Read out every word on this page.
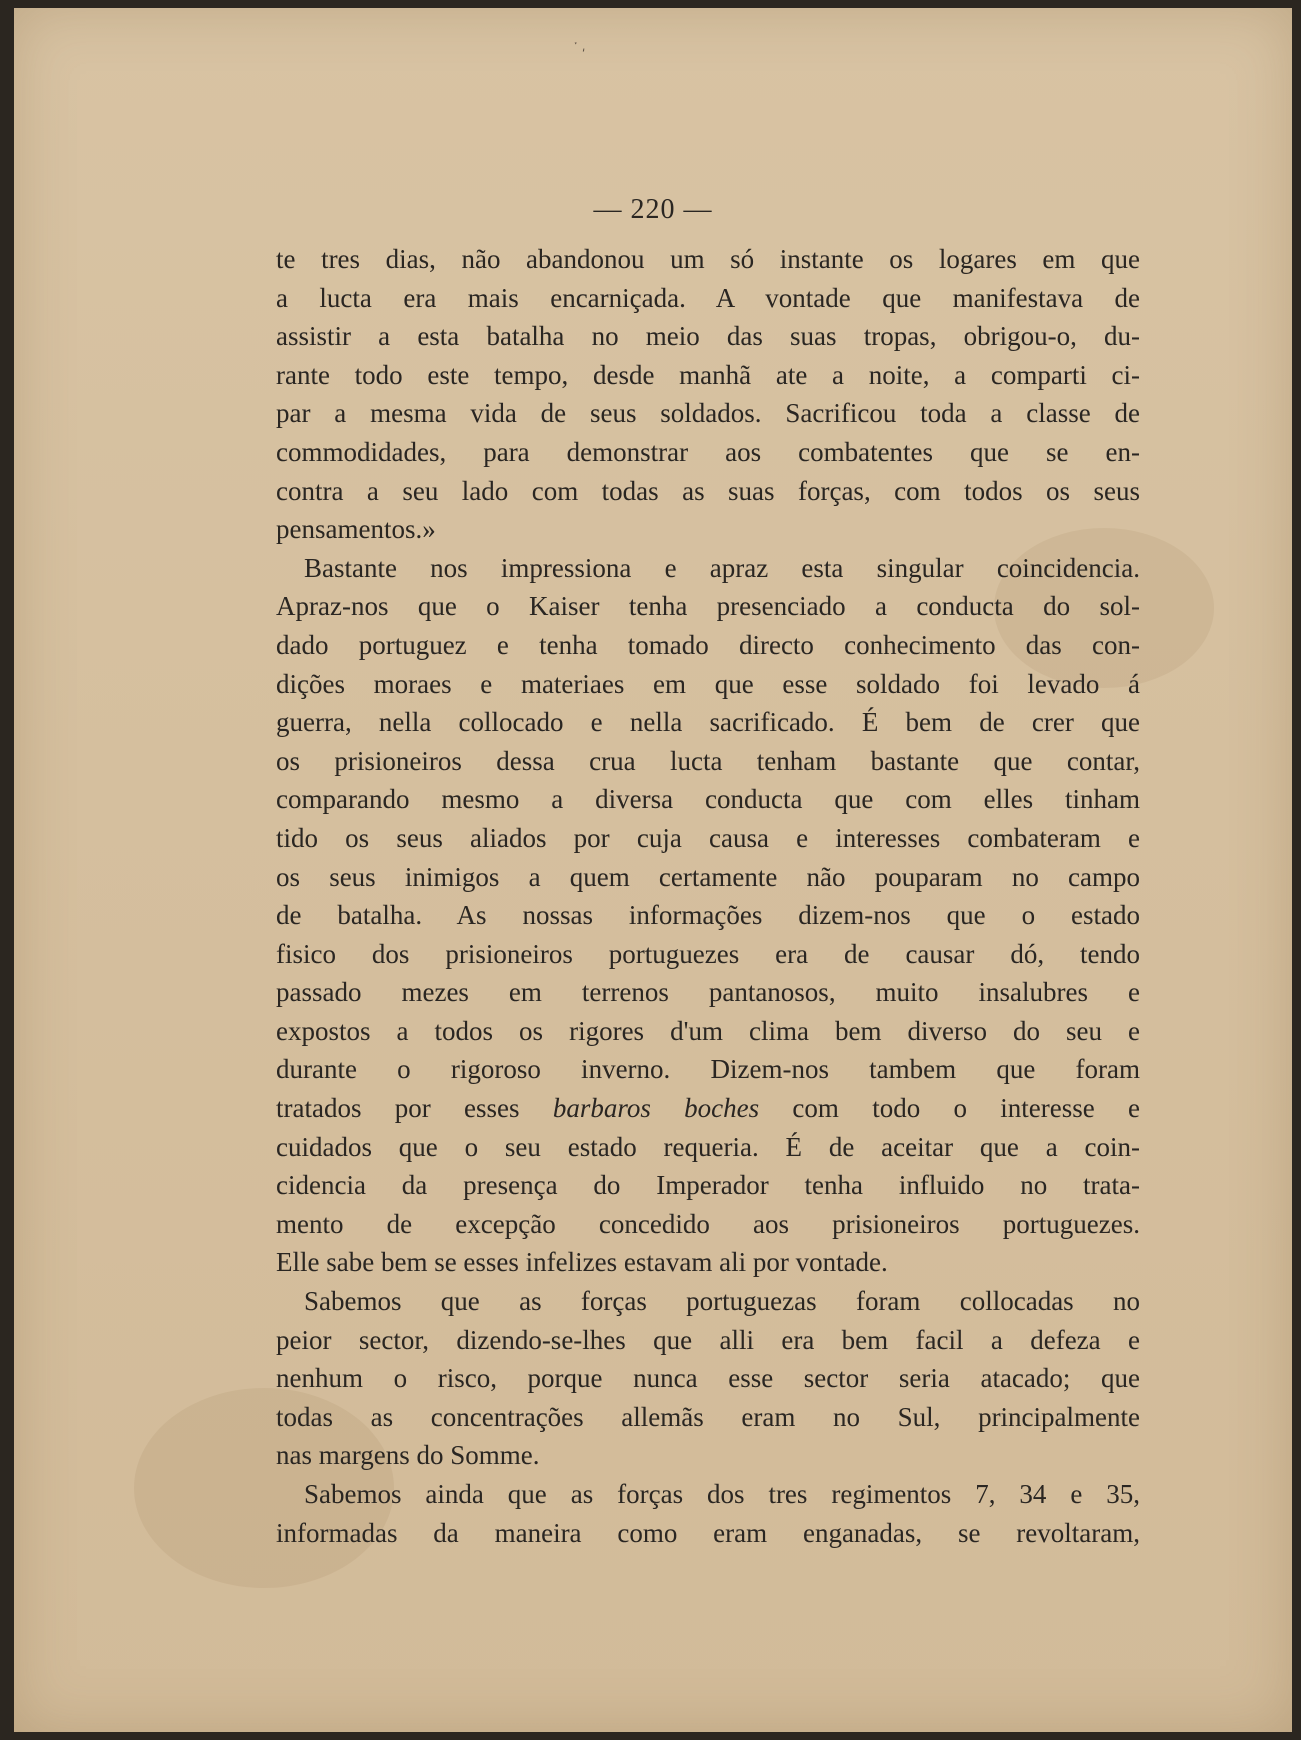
ˑ ͵
— 220 —
te tres dias, não abandonou um só instante os logares em que
a lucta era mais encarniçada. A vontade que manifestava de
assistir a esta batalha no meio das suas tropas, obrigou-o, du-
rante todo este tempo, desde manhã ate a noite, a comparti ci-
par a mesma vida de seus soldados. Sacrificou toda a classe de
commodidades, para demonstrar aos combatentes que se en-
contra a seu lado com todas as suas forças, com todos os seus
pensamentos.»
Bastante nos impressiona e apraz esta singular coincidencia.
Apraz-nos que o Kaiser tenha presenciado a conducta do sol-
dado portuguez e tenha tomado directo conhecimento das con-
dições moraes e materiaes em que esse soldado foi levado á
guerra, nella collocado e nella sacrificado. É bem de crer que
os prisioneiros dessa crua lucta tenham bastante que contar,
comparando mesmo a diversa conducta que com elles tinham
tido os seus aliados por cuja causa e interesses combateram e
os seus inimigos a quem certamente não pouparam no campo
de batalha. As nossas informações dizem-nos que o estado
fisico dos prisioneiros portuguezes era de causar dó, tendo
passado mezes em terrenos pantanosos, muito insalubres e
expostos a todos os rigores d'um clima bem diverso do seu e
durante o rigoroso inverno. Dizem-nos tambem que foram
tratados por esses barbaros boches com todo o interesse e
cuidados que o seu estado requeria. É de aceitar que a coin-
cidencia da presença do Imperador tenha influido no trata-
mento de excepção concedido aos prisioneiros portuguezes.
Elle sabe bem se esses infelizes estavam ali por vontade.
Sabemos que as forças portuguezas foram collocadas no
peior sector, dizendo-se-lhes que alli era bem facil a defeza e
nenhum o risco, porque nunca esse sector seria atacado; que
todas as concentrações allemãs eram no Sul, principalmente
nas margens do Somme.
Sabemos ainda que as forças dos tres regimentos 7, 34 e 35,
informadas da maneira como eram enganadas, se revoltaram,
